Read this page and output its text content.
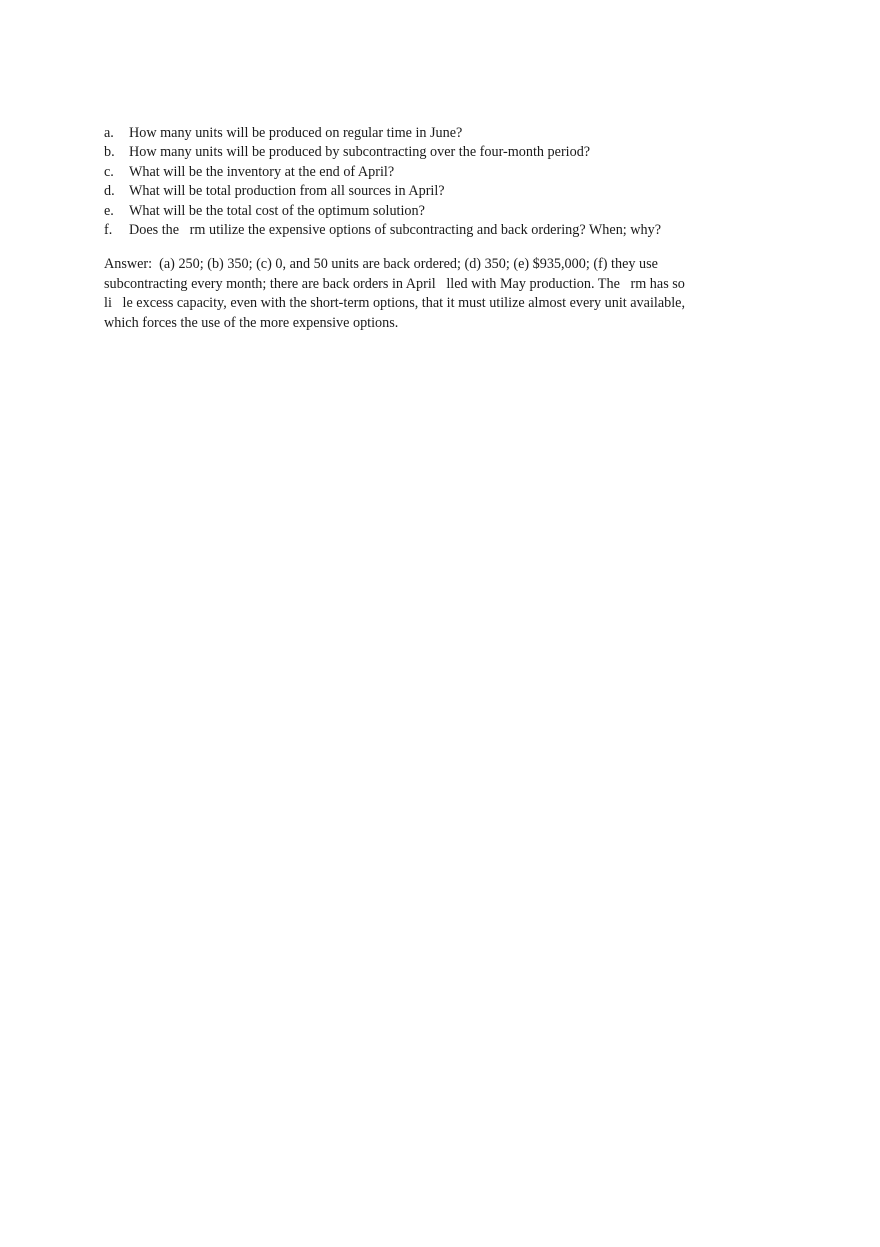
a.	How many units will be produced on regular time in June?
b.	How many units will be produced by subcontracting over the four-month period?
c.	What will be the inventory at the end of April?
d.	What will be total production from all sources in April?
e.	What will be the total cost of the optimum solution?
f.	Does the   rm utilize the expensive options of subcontracting and back ordering? When; why?
Answer:  (a) 250; (b) 350; (c) 0, and 50 units are back ordered; (d) 350; (e) $935,000; (f) they use
subcontracting every month; there are back orders in April   lled with May production. The   rm has so
li   le excess capacity, even with the short-term options, that it must utilize almost every unit available,
which forces the use of the more expensive options.
